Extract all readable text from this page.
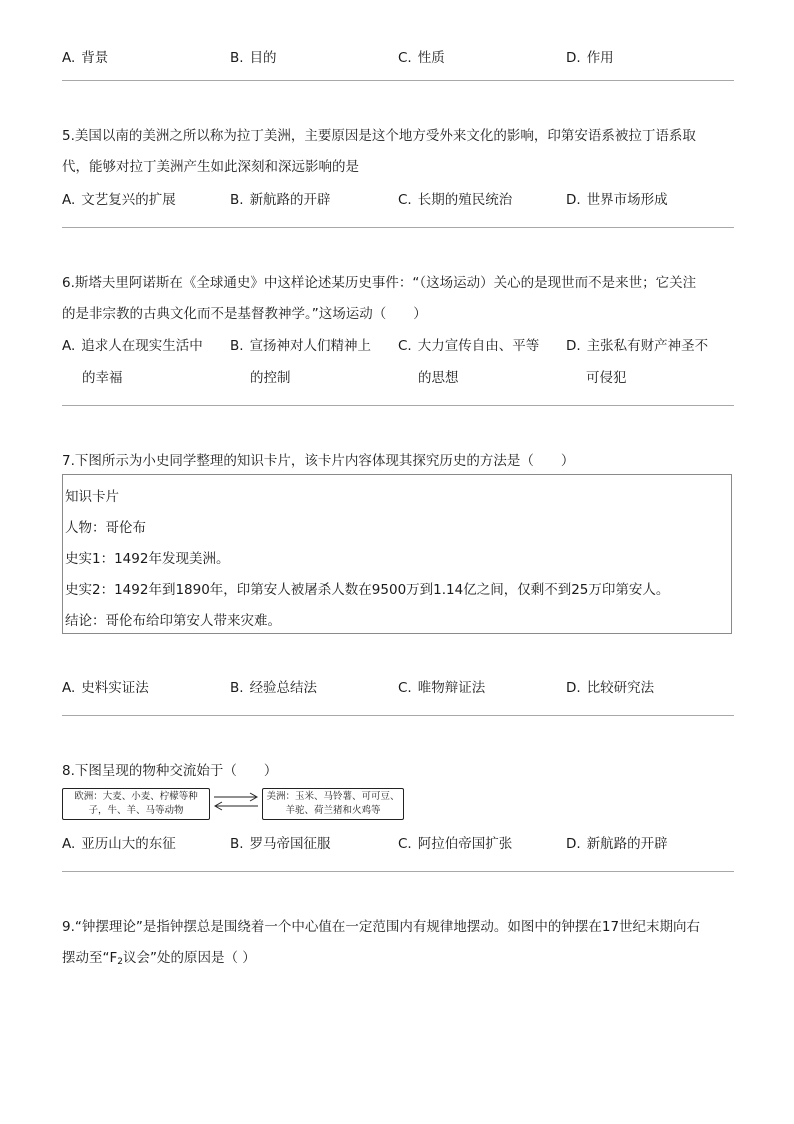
A. 背景	B. 目的	C. 性质	D. 作用
5.美国以南的美洲之所以称为拉丁美洲，主要原因是这个地方受外来文化的影响，印第安语系被拉丁语系取
代，能够对拉丁美洲产生如此深刻和深远影响的是
A. 文艺复兴的扩展	B. 新航路的开辟	C. 长期的殖民统治	D. 世界市场形成
6.斯塔夫里阿诺斯在《全球通史》中这样论述某历史事件：“（这场运动）关心的是现世而不是来世；它关注
的是非宗教的古典文化而不是基督教神学。”这场运动（　　）
A. 追求人在现实生活中
的幸福
B. 宣扬神对人们精神上
的控制
C. 大力宣传自由、平等
的思想
D. 主张私有财产神圣不
可侵犯
7.下图所示为小史同学整理的知识卡片，该卡片内容体现其探究历史的方法是（　　）
知识卡片
人物：哥伦布
史实1：1492年发现美洲。
史实2：1492年到1890年，印第安人被屠杀人数在9500万到1.14亿之间，仅剩不到25万印第安人。
结论：哥伦布给印第安人带来灾难。
A. 史料实证法	B. 经验总结法	C. 唯物辩证法	D. 比较研究法
8.下图呈现的物种交流始于（　　）
欧洲：大麦、小麦、柠檬等种
子，牛、羊、马等动物
美洲：玉米、马铃薯、可可豆、
羊驼、荷兰猪和火鸡等
A. 亚历山大的东征	B. 罗马帝国征服	C. 阿拉伯帝国扩张	D. 新航路的开辟
9.“钟摆理论”是指钟摆总是围绕着一个中心值在一定范围内有规律地摆动。如图中的钟摆在17世纪末期向右
摆动至“$F_2$议会”处的原因是（ ）
